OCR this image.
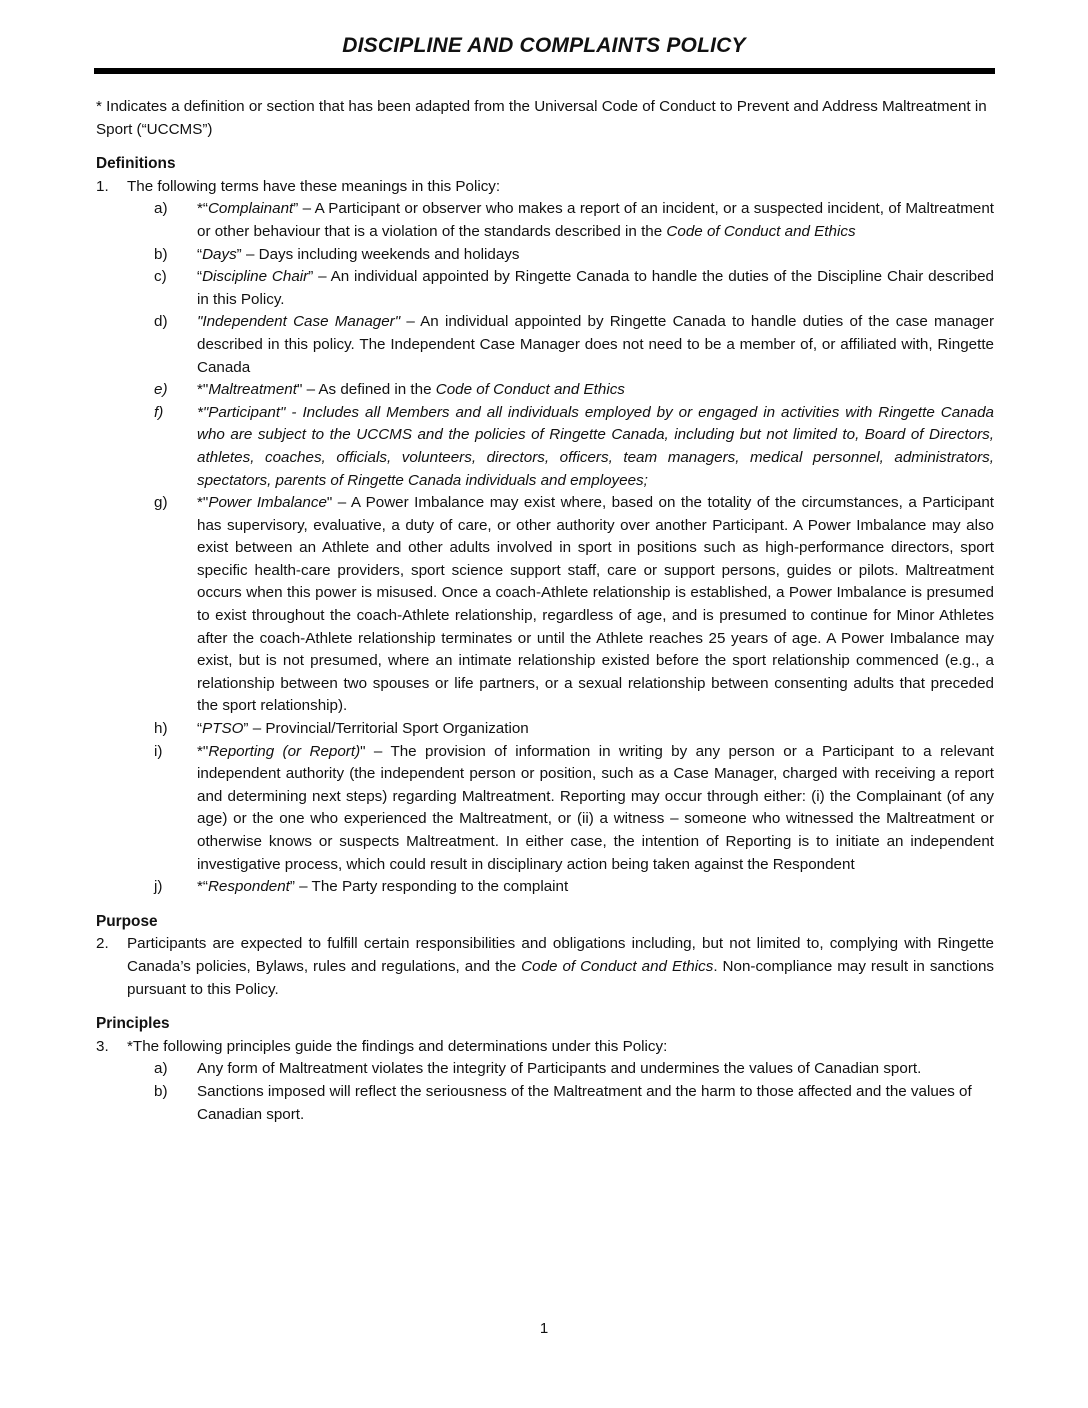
DISCIPLINE AND COMPLAINTS POLICY

* Indicates a definition or section that has been adapted from the Universal Code of Conduct to Prevent and Address Maltreatment in Sport (“UCCMS”)

Definitions

1. The following terms have these meanings in this Policy:
a) *“Complainant” – A Participant or observer who makes a report of an incident, or a suspected incident, of Maltreatment or other behaviour that is a violation of the standards described in the Code of Conduct and Ethics
b) “Days” – Days including weekends and holidays
c) “Discipline Chair” – An individual appointed by Ringette Canada to handle the duties of the Discipline Chair described in this Policy.
d) "Independent Case Manager" – An individual appointed by Ringette Canada to handle duties of the case manager described in this policy. The Independent Case Manager does not need to be a member of, or affiliated with, Ringette Canada
e) *"Maltreatment" – As defined in the Code of Conduct and Ethics
f) *"Participant" - Includes all Members and all individuals employed by or engaged in activities with Ringette Canada who are subject to the UCCMS and the policies of Ringette Canada, including but not limited to, Board of Directors, athletes, coaches, officials, volunteers, directors, officers, team managers, medical personnel, administrators, spectators, parents of Ringette Canada individuals and employees;
g) *"Power Imbalance" – A Power Imbalance may exist where, based on the totality of the circumstances, a Participant has supervisory, evaluative, a duty of care, or other authority over another Participant. A Power Imbalance may also exist between an Athlete and other adults involved in sport in positions such as high-performance directors, sport specific health-care providers, sport science support staff, care or support persons, guides or pilots. Maltreatment occurs when this power is misused. Once a coach-Athlete relationship is established, a Power Imbalance is presumed to exist throughout the coach-Athlete relationship, regardless of age, and is presumed to continue for Minor Athletes after the coach-Athlete relationship terminates or until the Athlete reaches 25 years of age. A Power Imbalance may exist, but is not presumed, where an intimate relationship existed before the sport relationship commenced (e.g., a relationship between two spouses or life partners, or a sexual relationship between consenting adults that preceded the sport relationship).
h) “PTSO” – Provincial/Territorial Sport Organization
i) *"Reporting (or Report)" – The provision of information in writing by any person or a Participant to a relevant independent authority (the independent person or position, such as a Case Manager, charged with receiving a report and determining next steps) regarding Maltreatment. Reporting may occur through either: (i) the Complainant (of any age) or the one who experienced the Maltreatment, or (ii) a witness – someone who witnessed the Maltreatment or otherwise knows or suspects Maltreatment. In either case, the intention of Reporting is to initiate an independent investigative process, which could result in disciplinary action being taken against the Respondent
j) *“Respondent” – The Party responding to the complaint

Purpose

2. Participants are expected to fulfill certain responsibilities and obligations including, but not limited to, complying with Ringette Canada’s policies, Bylaws, rules and regulations, and the Code of Conduct and Ethics. Non-compliance may result in sanctions pursuant to this Policy.

Principles

3. *The following principles guide the findings and determinations under this Policy:
a) Any form of Maltreatment violates the integrity of Participants and undermines the values of Canadian sport.
b) Sanctions imposed will reflect the seriousness of the Maltreatment and the harm to those affected and the values of Canadian sport.
1
